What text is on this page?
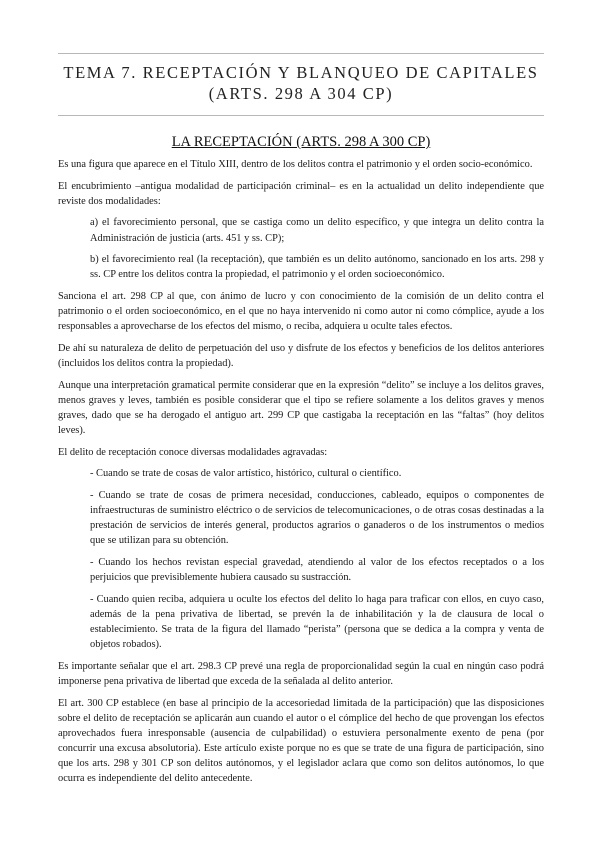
TEMA 7. RECEPTACIÓN Y BLANQUEO DE CAPITALES
(ARTS. 298 A 304 CP)
LA RECEPTACIÓN (ARTS. 298 A 300 CP)

Es una figura que aparece en el Título XIII, dentro de los delitos contra el patrimonio y el orden socio-económico.

El encubrimiento –antigua modalidad de participación criminal– es en la actualidad un delito independiente que reviste dos modalidades:

a) el favorecimiento personal, que se castiga como un delito específico, y que integra un delito contra la Administración de justicia (arts. 451 y ss. CP);

b) el favorecimiento real (la receptación), que también es un delito autónomo, sancionado en los arts. 298 y ss. CP entre los delitos contra la propiedad, el patrimonio y el orden socioeconómico.

Sanciona el art. 298 CP al que, con ánimo de lucro y con conocimiento de la comisión de un delito contra el patrimonio o el orden socioeconómico, en el que no haya intervenido ni como autor ni como cómplice, ayude a los responsables a aprovecharse de los efectos del mismo, o reciba, adquiera u oculte tales efectos.

De ahí su naturaleza de delito de perpetuación del uso y disfrute de los efectos y beneficios de los delitos anteriores (incluidos los delitos contra la propiedad).

Aunque una interpretación gramatical permite considerar que en la expresión “delito” se incluye a los delitos graves, menos graves y leves, también es posible considerar que el tipo se refiere solamente a los delitos graves y menos graves, dado que se ha derogado el antiguo art. 299 CP que castigaba la receptación en las “faltas” (hoy delitos leves).

El delito de receptación conoce diversas modalidades agravadas:

- Cuando se trate de cosas de valor artístico, histórico, cultural o científico.

- Cuando se trate de cosas de primera necesidad, conducciones, cableado, equipos o componentes de infraestructuras de suministro eléctrico o de servicios de telecomunicaciones, o de otras cosas destinadas a la prestación de servicios de interés general, productos agrarios o ganaderos o de los instrumentos o medios que se utilizan para su obtención.

- Cuando los hechos revistan especial gravedad, atendiendo al valor de los efectos receptados o a los perjuicios que previsiblemente hubiera causado su sustracción.

- Cuando quien reciba, adquiera u oculte los efectos del delito lo haga para traficar con ellos, en cuyo caso, además de la pena privativa de libertad, se prevén la de inhabilitación y la de clausura de local o establecimiento. Se trata de la figura del llamado “perista” (persona que se dedica a la compra y venta de objetos robados).

Es importante señalar que el art. 298.3 CP prevé una regla de proporcionalidad según la cual en ningún caso podrá imponerse pena privativa de libertad que exceda de la señalada al delito anterior.

El art. 300 CP establece (en base al principio de la accesoriedad limitada de la participación) que las disposiciones sobre el delito de receptación se aplicarán aun cuando el autor o el cómplice del hecho de que provengan los efectos aprovechados fuera inresponsable (ausencia de culpabilidad) o estuviera personalmente exento de pena (por concurrir una excusa absolutoria). Este artículo existe porque no es que se trate de una figura de participación, sino que los arts. 298 y 301 CP son delitos autónomos, y el legislador aclara que como son delitos autónomos, lo que ocurra es independiente del delito antecedente.
